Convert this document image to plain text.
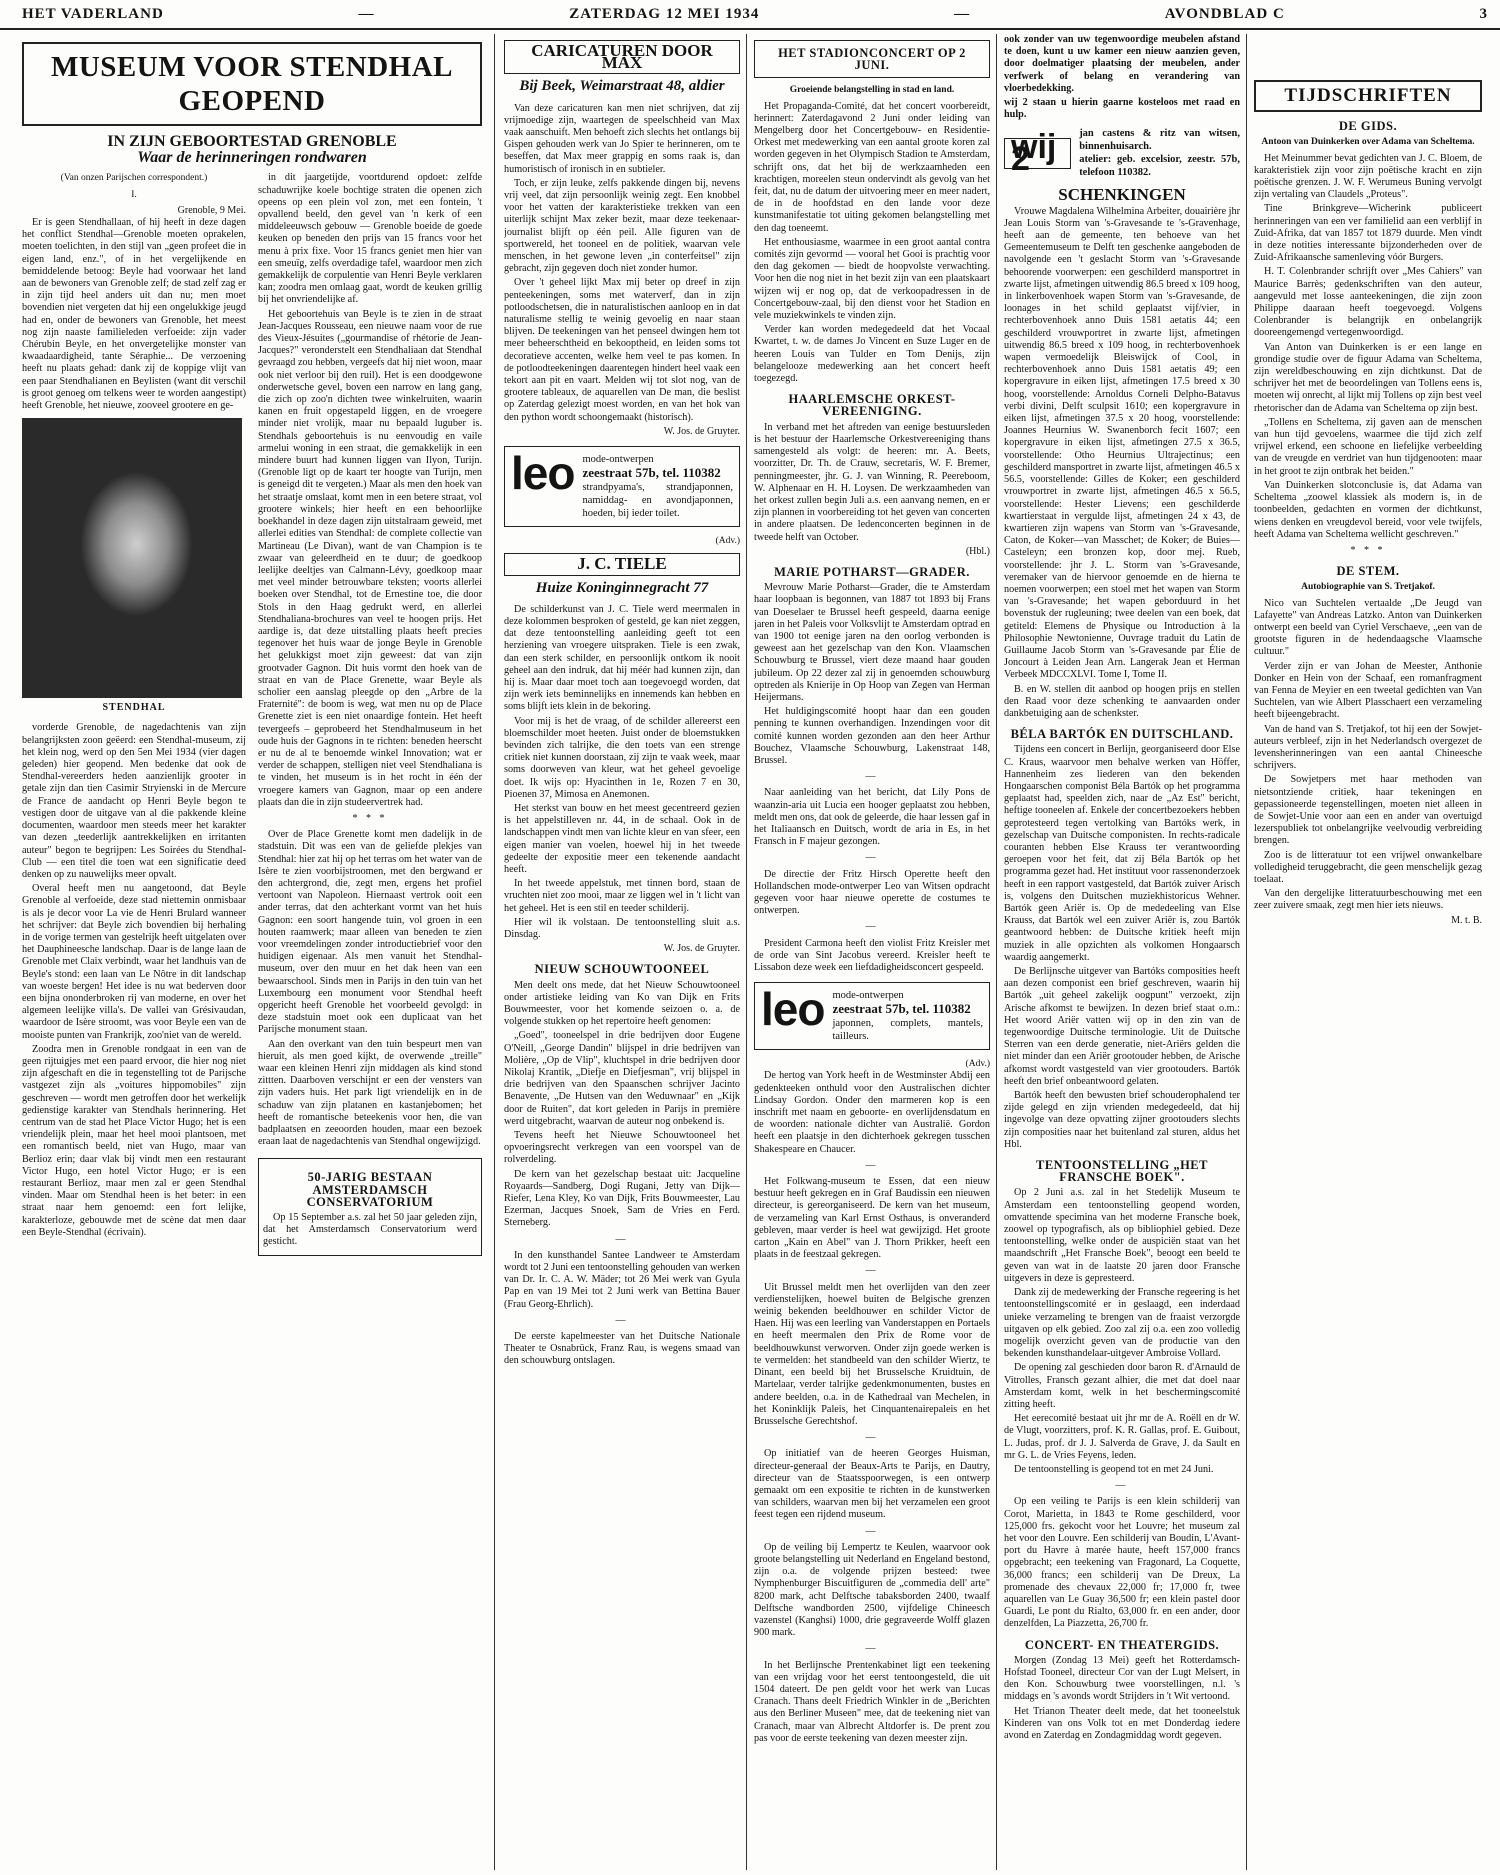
HET VADERLAND	—	ZATERDAG 12 MEI 1934	—	AVONDBLAD C	3
MUSEUM VOOR STENDHAL GEOPEND
IN ZIJN GEBOORTESTAD GRENOBLE
Waar de herinneringen rondwaren
(Van onzen Parijschen correspondent.)
I.
Grenoble, 9 Mei.

Er is geen Stendhallaan, of hij heeft in deze dagen het conflict Stendhal—Grenoble moeten oprakelen, moeten toelichten, in den stijl van „geen profeet die in eigen land, enz.", of in het vergelijkende en bemiddelende betoog: Beyle had voorwaar het land aan de bewoners van Grenoble zelf; de stad zelf zag er in zijn tijd heel anders uit dan nu; men moet bovendien niet vergeten dat hij een ongelukkige jeugd had en, onder de bewoners van Grenoble, het meest nog zijn naaste familieleden verfoeide: zijn vader Chérubin Beyle, en het onvergetelijke monster van kwaadaardigheid, tante Séraphie... De verzoening heeft nu plaats gehad: dank zij de koppige vlijt van een paar Stendhalianen en Beylisten (want dit verschil is groot genoeg om telkens weer te worden aangestipt) heeft Grenoble, het nieuwe, zooveel grootere en ge-

STENDHAL

vorderde Grenoble, de nagedachtenis van zijn belangrijksten zoon geëerd: een Stendhal-museum, zij het klein nog, werd op den 5en Mei 1934 (vier dagen geleden) hier geopend. Men bedenke dat ook de Stendhal-vereerders heden aanzienlijk grooter in getale zijn dan tien Casimir Stryienski in de Mercure de France de aandacht op Henri Beyle begon te vestigen door de uitgave van al die pakkende kleine documenten, waardoor men steeds meer het karakter van dezen „teederlijk aantrekkelijken en irritanten auteur" begon te begrijpen: Les Soirées du Stendhal-Club — een titel die toen wat een significatie deed denken op zu nauwelijks meer opvalt.

Overal heeft men nu aangetoond, dat Beyle Grenoble al verfoeide, deze stad niettemin onmisbaar is als je decor voor La vie de Henri Brulard wanneer het schrijver: dat Beyle zich bovendien bij herhaling in de vorige termen van gestelrijk heeft uitgelaten over het Dauphineesche landschap. Daar is de lange laan de Grenoble met Claix verbindt, waar het landhuis van de Beyle's stond: een laan van Le Nôtre in dit landschap van woeste bergen! Het idee is nu wat bederven door een bijna ononderbroken rij van moderne, en over het algemeen leelijke villa's. De vallei van Grésivaudan, waardoor de Isère stroomt, was voor Beyle een van de mooiste punten van Frankrijk, zoo'niet van de wereld.

Zoodra men in Grenoble rondgaat in een van de geen rijtuigjes met een paard ervoor, die hier nog niet zijn afgeschaft en die in tegenstelling tot de Parijsche vastgezet zijn als „voitures hippomobiles" zijn geschreven — wordt men getroffen door het werkelijk gedienstige karakter van Stendhals herinnering. Het centrum van de stad het Place Victor Hugo; het is een vriendelijk plein, maar het heel mooi plantsoen, met een romantisch beeld, niet van Hugo, maar van Berlioz erin; daar vlak bij vindt men een restaurant Victor Hugo, een hotel Victor Hugo; er is een restaurant Berlioz, maar men zal er geen Stendhal vinden. Maar om Stendhal heen is het beter: in een straat naar hem genoemd: een fort lelijke, karakterloze, gebouwde met de scène dat men daar een Beyle-Stendhal (écrivain).

in dit jaargetijde, voortdurend opdoet: zelfde schaduwrijke koele bochtige straten die openen zich opeens op een plein vol zon, met een fontein, 't opvallend beeld, den gevel van 'n kerk of een middeleeuwsch gebouw — Grenoble boeide de goede keuken op beneden den prijs van 15 francs voor het menu à prix fixe. Voor 15 francs geniet men hier van een smeuïg, zelfs overdadige tafel, waardoor men zich gemakkelijk de corpulentie van Henri Beyle verklaren kan; zoodra men omlaag gaat, wordt de keuken grillig bij het onvriendelijke af.

Het geboortehuis van Beyle is te zien in de straat Jean-Jacques Rousseau, een nieuwe naam voor de rue des Vieux-Jésuites („gourmandise of rhétorie de Jean-Jacques?" veronderstelt een Stendhaliaan dat Stendhal gevraagd zou hebben, vergeefs dat hij niet woon, maar ook niet verloor bij den ruil). Het is een doodgewone onderwetsche gevel, boven een narrow en lang gang, die zich op zoo'n dichten twee winkelruiten, waarin kanen en fruit opgestapeld liggen, en de vroegere minder niet vrolijk, maar nu bepaald luguber is. Stendhals geboortehuis is nu eenvoudig en vaile armelui woning in een straat, die gemakkelijk in een mindere buurt had kunnen liggen van Ilyon, Turijn. (Grenoble ligt op de kaart ter hoogte van Turijn, men is geneigd dit te vergeten.) Maar als men den hoek van het straatje omslaat, komt men in een betere straat, vol grootere winkels; hier heeft en een behoorlijke boekhandel in deze dagen zijn uitstalraam geweid, met allerlei edities van Stendhal: de complete collectie van Martineau (Le Divan), want de van Champion is te zwaar van geleerdheid en te duur; de goedkoop leelijke deeltjes van Calmann-Lévy, goedkoop maar met veel minder betrouwbare teksten; voorts allerlei boeken over Stendhal, tot de Ernestine toe, die door Stols in den Haag gedrukt werd, en allerlei Stendhaliana-brochures van veel te hoogen prijs. Het aardige is, dat deze uitstalling plaats heeft precies tegenover het huis waar de jonge Beyle in Grenoble het gelukkigst moet zijn geweest: dat van zijn grootvader Gagnon. Dit huis vormt den hoek van de straat en van de Place Grenette, waar Beyle als scholier een aanslag pleegde op den „Arbre de la Fraternité": de boom is weg, wat men nu op de Place Grenette ziet is een niet onaardige fontein. Het heeft tevergeefs – geprobeerd het Stendhalmuseum in het oude huis der Gagnons in te richten: beneden heerscht er nu de al te benoemde winkel Innovation; wat er verder de schappen, stelligen niet veel Stendhaliana is te vinden, het museum is in het rocht in één der vroegere kamers van Gagnon, maar op een andere plaats dan die in zijn studeervertrek had.

* * *

Over de Place Grenette komt men dadelijk in de stadstuin. Dit was een van de geliefde plekjes van Stendhal: hier zat hij op het terras om het water van de Isère te zien voorbijstroomen, met den bergwand er den achtergrond, die, zegt men, ergens het profiel vertoont van Napoleon. Hiernaast vertrok ooit een ander terras, dat den achterkant vormt van het huis Gagnon: een soort hangende tuin, vol groen in een houten raamwerk; maar alleen van beneden te zien voor vreemdelingen zonder introductiebrief voor den huidigen eigenaar. Als men vanuit het Stendhal-museum, over den muur en het dak heen van een bewaarschool. Sinds men in Parijs in den tuin van het Luxembourg een monument voor Stendhal heeft opgericht heeft Grenoble het voorbeeld gevolgd: in deze stadstuin moet ook een duplicaat van het Parijsche monument staan.

Aan den overkant van den tuin bespeurt men van hieruit, als men goed kijkt, de overwende „treille" waar een kleinen Henri zijn middagen als kind stond zittten. Daarboven verschijnt er een der vensters van zijn vaders huis. Het park ligt vriendelijk en in de schaduw van zijn platanen en kastanjebomen; het heeft de romantische beteekenis voor hen, die van badplaatsen en zeeoorden houden, maar een bezoek eraan laat de nagedachtenis van Stendhal ongewijzigd.

50-JARIG BESTAAN AMSTERDAMSCH CONSERVATORIUM

Op 15 September a.s. zal het 50 jaar geleden zijn, dat het Amsterdamsch Conservatorium werd gesticht.

CARICATUREN DOOR MAX
Bij Beek, Weimarstraat 48, aldier

Van deze caricaturen kan men niet schrijven, dat zij vrijmoedige zijn, waartegen de speelschheid van Max vaak aanschuift. Men behoeft zich slechts het ontlangs bij Gispen gehouden werk van Jo Spier te herinneren, om te beseffen, dat Max meer grappig en soms raak is, dan humoristisch of ironisch in en subtieler.

Toch, er zijn leuke, zelfs pakkende dingen bij, nevens vrij veel, dat zijn persoonlijk weinig zegt. Een knobbel voor het vatten der karakteristieke trekken van een uiterlijk schijnt Max zeker bezit, maar deze teekenaar-journalist blijft op één peil. Alle figuren van de sportwereld, het tooneel en de politiek, waarvan vele menschen, in het gewone leven „in conterfeitsel" zijn gebracht, zijn gegeven doch niet zonder humor.

Over 't geheel lijkt Max mij beter op dreef in zijn penteekeningen, soms met waterverf, dan in zijn potloodschetsen, die in naturalistischen aanloop en in dat naturalisme stellig te weinig gevoelig en naar staan blijven. De teekeningen van het penseel dwingen hem tot meer beheerschtheid en bekooptheid, en leiden soms tot decoratieve accenten, welke hem veel te pas komen. In de potloodteekeningen daarentegen hindert heel vaak een tekort aan pit en vaart. Melden wij tot slot nog, van de grootere tableaux, de aquarellen van De man, die beslist op Zaterdag gelezigt moest worden, en van het hok van den python wordt schoongemaakt (historisch).

W. Jos. de Gruyter.
leo mode-ontwerpen
zeestraat 57b, tel. 110382
strandpyama's, strandjaponnen, namiddag- en avondjaponnen, hoeden, bij ieder toilet.
(Adv.)
J. C. TIELE
Huize Koninginnegracht 77

De schilderkunst van J. C. Tiele werd meermalen in deze kolommen besproken of gesteld, ge kan niet zeggen, dat deze tentoonstelling aanleiding geeft tot een herziening van vroegere uitspraken. Tiele is een zwak, dan een sterk schilder, en persoonlijk ontkom ik nooit geheel aan den indruk, dat hij méér had kunnen zijn, dan hij is. Maar daar moet toch aan toegevoegd worden, dat zijn werk iets beminnelijks en innemends kan hebben en soms blijft iets klein in de bekoring.

Voor mij is het de vraag, of de schilder allereerst een bloemschilder moet heeten. Juist onder de bloemstukken bevinden zich talrijke, die den toets van een strenge critiek niet kunnen doorstaan, zij zijn te vaak week, maar soms doorweven van kleur, wat het geheel gevoelige doet. Ik wijs op: Hyacinthen in 1e, Rozen 7 en 30, Pioenen 37, Mimosa en Anemonen.

Het sterkst van bouw en het meest gecentreerd gezien is het appelstilleven nr. 44, in de schaal. Ook in de landschappen vindt men van lichte kleur en van sfeer, een eigen manier van voelen, hoewel hij in het tweede gedeelte der expositie meer een tekenende aandacht heeft.

In het tweede appelstuk, met tinnen bord, staan de vruchten niet zoo mooi, maar ze liggen wel in 't licht van het geheel. Het is een stil en teeder schilderij.

Hier wil ik volstaan. De tentoonstelling sluit a.s. Dinsdag.

W. Jos. de Gruyter.
NIEUW SCHOUWTOONEEL

Men deelt ons mede, dat het Nieuw Schouwtooneel onder artistieke leiding van Ko van Dijk en Frits Bouwmeester, voor het komende seizoen o. a. de volgende stukken op het repertoire heeft genomen:

„Goed", tooneelspel in drie bedrijven door Eugene O'Neill, „George Dandin" blijspel in drie bedrijven van Molière, „Op de Vlip", kluchtspel in drie bedrijven door Nikolaj Krantik, „Diefje en Diefjesman", vrij blijspel in drie bedrijven van den Spaanschen schrijver Jacinto Benavente, „De Hutsen van den Weduwnaar" en „Kijk door de Ruiten", dat kort geleden in Parijs in première werd uitgebracht, waarvan de auteur nog onbekend is.

Tevens heeft het Nieuwe Schouwtooneel het opvoeringsrecht verkregen van een voorspel van de rolverdeling.

De kern van het gezelschap bestaat uit: Jacqueline Royaards—Sandberg, Dogi Rugani, Jetty van Dijk—Riefer, Lena Kley, Ko van Dijk, Frits Bouwmeester, Lau Ezerman, Jacques Snoek, Sam de Vries en Ferd. Sterneberg.

—

In den kunsthandel Santee Landweer te Amsterdam wordt tot 2 Juni een tentoonstelling gehouden van werken van Dr. Ir. C. A. W. Mäder; tot 26 Mei werk van Gyula Pap en van 19 Mei tot 2 Juni werk van Bettina Bauer (Frau Georg-Ehrlich).

—

De eerste kapelmeester van het Duitsche Nationale Theater te Osnabrück, Franz Rau, is wegens smaad van den schouwburg ontslagen.

HET STADIONCONCERT OP 2 JUNI.
Groeiende belangstelling in stad en land.

Het Propaganda-Comité, dat het concert voorbereidt, herinnert: Zaterdagavond 2 Juni onder leiding van Mengelberg door het Concertgebouw- en Residentie-Orkest met medewerking van een aantal groote koren zal worden gegeven in het Olympisch Stadion te Amsterdam, schrijft ons, dat het bij de werkzaamheden een krachtigen, moreelen steun ondervindt als gevolg van het feit, dat, nu de datum der uitvoering meer en meer nadert, de in de hoofdstad en den lande voor deze kunstmanifestatie tot uiting gekomen belangstelling met den dag toeneemt.

Het enthousiasme, waarmee in een groot aantal contra comités zijn gevormd — vooral het Gooi is prachtig voor den dag gekomen — biedt de hoopvolste verwachting. Voor hen die nog niet in het bezit zijn van een plaatskaart wijzen wij er nog op, dat de verkoopadressen in de Concertgebouw-zaal, bij den dienst voor het Stadion en vele muziekwinkels te vinden zijn.

Verder kan worden medegedeeld dat het Vocaal Kwartet, t. w. de dames Jo Vincent en Suze Luger en de heeren Louis van Tulder en Tom Denijs, zijn belangelooze medewerking aan het concert heeft toegezegd.

HAARLEMSCHE ORKEST-VEREENIGING.

In verband met het aftreden van eenige bestuursleden is het bestuur der Haarlemsche Orkestvereeniging thans samengesteld als volgt: de heeren: mr. A. Beets, voorzitter, Dr. Th. de Crauw, secretaris, W. F. Bremer, penningmeester, jhr. G. J. van Winning, R. Peereboom, W. Alphenaar en H. H. Loysen. De werkzaamheden van het orkest zullen begin Juli a.s. een aanvang nemen, en er zijn plannen in voorbereiding tot het geven van concerten in andere plaatsen. De ledenconcerten beginnen in de tweede helft van October.

(Hbl.)
MARIE POTHARST—GRADER.

Mevrouw Marie Potharst—Grader, die te Amsterdam haar loopbaan is begonnen, van 1887 tot 1893 bij Frans van Doeselaer te Brussel heeft gespeeld, daarna eenige jaren in het Paleis voor Volksvlijt te Amsterdam optrad en van 1900 tot eenige jaren na den oorlog verbonden is geweest aan het gezelschap van den Kon. Vlaamschen Schouwburg te Brussel, viert deze maand haar gouden jubileum. Op 22 dezer zal zij in genoemden schouwburg optreden als Knierije in Op Hoop van Zegen van Herman Heijermans.

Het huldigingscomité hoopt haar dan een gouden penning te kunnen overhandigen. Inzendingen voor dit comité kunnen worden gezonden aan den heer Arthur Bouchez, Vlaamsche Schouwburg, Lakenstraat 148, Brussel.

—

Naar aanleiding van het bericht, dat Lily Pons de waanzin-aria uit Lucia een hooger geplaatst zou hebben, meldt men ons, dat ook de geleerde, die haar lessen gaf in het Italiaansch en Duitsch, wordt de aria in Es, in het Fransch in F majeur gezongen.

—

De directie der Fritz Hirsch Operette heeft den Hollandschen mode-ontwerper Leo van Witsen opdracht gegeven voor haar nieuwe operette de costumes te ontwerpen.

—

President Carmona heeft den violist Fritz Kreisler met de orde van Sint Jacobus vereerd. Kreisler heeft te Lissabon deze week een liefdadigheidsconcert gespeeld.

leo mode-ontwerpen
zeestraat 57b, tel. 110382
japonnen, complets, mantels, tailleurs.
(Adv.)

De hertog van York heeft in de Westminster Abdij een gedenkteeken onthuld voor den Australischen dichter Lindsay Gordon. Onder den marmeren kop is een inschrift met naam en geboorte- en overlijdensdatum en de woorden: nationale dichter van Australië. Gordon heeft een plaatsje in den dichterhoek gekregen tusschen Shakespeare en Chaucer.

—

Het Folkwang-museum te Essen, dat een nieuw bestuur heeft gekregen en in Graf Baudissin een nieuwen directeur, is gereorganiseerd. De kern van het museum, de verzameling van Karl Ernst Osthaus, is onveranderd gebleven, maar verder is heel wat gewijzigd. Het groote carton „Kain en Abel" van J. Thorn Prikker, heeft een plaats in de feestzaal gekregen.

—

Uit Brussel meldt men het overlijden van den zeer verdienstelijken, hoewel buiten de Belgische grenzen weinig bekenden beeldhouwer en schilder Victor de Haen. Hij was een leerling van Vanderstappen en Portaels en heeft meermalen den Prix de Rome voor de beeldhouwkunst verworven. Onder zijn goede werken is te vermelden: het standbeeld van den schilder Wiertz, te Dinant, een beeld bij het Brusselsche Kruidtuin, de Martelaar, verder talrijke gedenkmonumenten, bustes en andere beelden, o.a. in de Kathedraal van Mechelen, in het Koninklijk Paleis, het Cinquantenairepaleis en het Brusselsche Gerechtshof.

—

Op initiatief van de heeren Georges Huisman, directeur-generaal der Beaux-Arts te Parijs, en Dautry, directeur van de Staatsspoorwegen, is een ontwerp gemaakt om een expositie te richten in de kunstwerken van schilders, waarvan men bij het verzamelen een groot feest tegen een rijdend museum.

—

Op de veiling bij Lempertz te Keulen, waarvoor ook groote belangstelling uit Nederland en Engeland bestond, zijn o.a. de volgende prijzen besteed: twee Nymphenburger Biscuitfiguren de „commedia dell' arte" 8200 mark, acht Delftsche tabaksborden 2400, twaalf Delftsche wandborden 2500, vijfdelige Chineesch vazenstel (Kanghsi) 1000, drie gegraveerde Wolff glazen 900 mark.

—

In het Berlijnsche Prentenkabinet ligt een teekening van een vrijdag voor het eerst tentoongesteld, die uit 1504 dateert. De pen geldt voor het werk van Lucas Cranach. Thans deelt Friedrich Winkler in de „Berichten aus den Berliner Museen" mee, dat de teekening niet van Cranach, maar van Albrecht Altdorfer is. De prent zou pas voor de eerste teekening van dezen meester zijn.

ook zonder van uw tegenwoordige meubelen afstand te doen, kunt u uw kamer een nieuw aanzien geven, door doelmatiger plaatsing der meubelen, ander verfwerk of belang en verandering van vloerbedekking.

wij 2 staan u hierin gaarne kosteloos met raad en hulp.

wij 2
jan castens & ritz van witsen, binnenhuisarch.
atelier: geb. excelsior, zeestr. 57b, telefoon 110382.
SCHENKINGEN

Vrouwe Magdalena Wilhelmina Arbeiter, douairière jhr Jean Louis Storm van 's-Gravesande te 's-Gravenhage, heeft aan de gemeente, ten behoeve van het Gemeentemuseum te Delft ten geschenke aangeboden de navolgende een 't geslacht Storm van 's-Gravesande behoorende voorwerpen: een geschilderd mansportret in zwarte lijst, afmetingen uitwendig 86.5 breed x 109 hoog, in linkerbovenhoek wapen Storm van 's-Gravesande, de loonages in het schild geplaatst vijf/vier, in rechterbovenhoek anno Duis 1581 aetatis 44; een geschilderd vrouwportret in zwarte lijst, afmetingen uitwendig 86.5 breed x 109 hoog, in rechterbovenhoek wapen vermoedelijk Bleiswijck of Cool, in rechterbovenhoek anno Duis 1581 aetatis 49; een kopergravure in eiken lijst, afmetingen 17.5 breed x 30 hoog, voorstellende: Arnoldus Corneli Delpho-Batavus verbi divini, Delft sculpsit 1610; een kopergravure in eiken lijst, afmetingen 37.5 x 20 hoog, voorstellende: Joannes Heurnius W. Swanenborch fecit 1607; een kopergravure in eiken lijst, afmetingen 27.5 x 36.5, voorstellende: Otho Heurnius Ultrajectinus; een geschilderd mansportret in zwarte lijst, afmetingen 46.5 x 56.5, voorstellende: Gilles de Koker; een geschilderd vrouwportret in zwarte lijst, afmetingen 46.5 x 56.5, voorstellende: Hester Lievens; een geschilderde kwartierstaat in vergulde lijst, afmetingen 24 x 43, de kwartieren zijn wapens van Storm van 's-Gravesande, Caton, de Koker—van Masschet; de Koker; de Buies—Casteleyn; een bronzen kop, door mej. Rueb, voorstellende: jhr J. L. Storm van 's-Gravesande, veremaker van de hiervoor genoemde en de hierna te noemen voorwerpen; een stoel met het wapen van Storm van 's-Gravesande; het wapen geborduurd in het bovenstuk der rugleuning; twee deelen van een boek, dat getiteld: Elemens de Physique ou Introduction à la Philosophie Newtonienne, Ouvrage traduit du Latin de Guillaume Jacob Storm van 's-Gravesande par Élie de Joncourt à Leiden Jean Arn. Langerak Jean et Herman Verbeek MDCCXLVI. Tome I, Tome II.

B. en W. stellen dit aanbod op hoogen prijs en stellen den Raad voor deze schenking te aanvaarden onder dankbetuiging aan de schenkster.

BÉLA BARTÓK EN DUITSCHLAND.

Tijdens een concert in Berlijn, georganiseerd door Else C. Kraus, waarvoor men behalve werken van Höffer, Hannenheim zes liederen van den bekenden Hongaarschen componist Béla Bartók op het programma geplaatst had, speelden zich, naar de „Az Est" bericht, heftige tooneelen af. Enkele der concertbezoekers hebben geprotesteerd tegen vertolking van Bartóks werk, in gezelschap van Duitsche componisten. In rechts-radicale couranten hebben Else Krauss ter verantwoording geroepen voor het feit, dat zij Béla Bartók op het programma gezet had. Het instituut voor rassenonderzoek heeft in een rapport vastgesteld, dat Bartók zuiver Arisch is, volgens den Duitschen muziekhistoricus Wehner. Bartók geen Ariër is. Op de mededeeling van Else Krauss, dat Bartók wel een zuiver Ariër is, zou Bartók geantwoord hebben: de Duitsche kritiek heeft mijn muziek in alle opzichten als volkomen Hongaarsch waardig aangemerkt.

De Berlijnsche uitgever van Bartóks composities heeft aan dezen componist een brief geschreven, waarin hij Bartók „uit geheel zakelijk oogpunt" verzoekt, zijn Arische afkomst te bewijzen. In dezen brief staat o.m.: Het woord Ariër vatten wij op in den zin van de tegenwoordige Duitsche terminologie. Uit de Duitsche Sterren van een derde generatie, niet-Ariërs gelden die niet minder dan een Ariër grootouder hebben, de Arische afkomst wordt vastgesteld van vier grootouders. Bartók heeft den brief onbeantwoord gelaten.

Bartók heeft den bewusten brief schouderophalend ter zijde gelegd en zijn vrienden medegedeeld, dat hij ingevolge van deze opvatting zijner grootouders slechts zijn composities naar het buitenland zal sturen, aldus het Hbl.

TENTOONSTELLING „HET FRANSCHE BOEK".

Op 2 Juni a.s. zal in het Stedelijk Museum te Amsterdam een tentoonstelling geopend worden, omvattende specimina van het moderne Fransche boek, zoowel op typografisch, als op bibliophiel gebied. Deze tentoonstelling, welke onder de auspiciën staat van het maandschrift „Het Fransche Boek", beoogt een beeld te geven van wat in de laatste 20 jaren door Fransche uitgevers in deze is gepresteerd.

Dank zij de medewerking der Fransche regeering is het tentoonstellingscomité er in geslaagd, een inderdaad unieke verzameling te brengen van de fraaist verzorgde uitgaven op elk gebied. Zoo zal zij o.a. een zoo volledig mogelijk overzicht geven van de productie van den bekenden kunsthandelaar-uitgever Ambroise Vollard.

De opening zal geschieden door baron R. d'Arnauld de Vitrolles, Fransch gezant alhier, die met dat doel naar Amsterdam komt, welk in het beschermingscomité zitting heeft.

Het eerecomité bestaat uit jhr mr de A. Roëll en dr W. de Vlugt, voorzitters, prof. K. R. Gallas, prof. E. Guibout, L. Judas, prof. dr J. J. Salverda de Grave, J. da Sault en mr G. L. de Vries Feyens, leden.

De tentoonstelling is geopend tot en met 24 Juni.

—

Op een veiling te Parijs is een klein schilderij van Corot, Marietta, in 1843 te Rome geschilderd, voor 125,000 frs. gekocht voor het Louvre; het museum zal het voor den Louvre. Een schilderij van Boudin, L'Avant-port du Havre à marée haute, heeft 157,000 francs opgebracht; een teekening van Fragonard, La Coquette, 36,000 francs; een schilderij van De Dreux, La promenade des chevaux 22,000 fr; 17,000 fr, twee aquarellen van Le Guay 36,500 fr; een klein pastel door Guardi, Le pont du Rialto, 63,000 fr. en een ander, door denzelfden, La Piazzetta, 26,700 fr.

CONCERT- EN THEATERGIDS.

Morgen (Zondag 13 Mei) geeft het Rotterdamsch-Hofstad Tooneel, directeur Cor van der Lugt Melsert, in den Kon. Schouwburg twee voorstellingen, n.l. 's middags en 's avonds wordt Strijders in 't Wit vertoond.

Het Trianon Theater deelt mede, dat het tooneelstuk Kinderen van ons Volk tot en met Donderdag iedere avond en Zaterdag en Zondagmiddag wordt gegeven.

TIJDSCHRIFTEN
DE GIDS.
Antoon van Duinkerken over Adama van Scheltema.

Het Meinummer bevat gedichten van J. C. Bloem, de karakteristiek zijn voor zijn poëtische kracht en zijn poëtische grenzen. J. W. F. Werumeus Buning vervolgt zijn vertaling van Claudels „Proteus".

Tine Brinkgreve—Wicherink publiceert herinneringen van een ver familielid aan een verblijf in Zuid-Afrika, dat van 1857 tot 1879 duurde. Men vindt in deze notities interessante bijzonderheden over de Zuid-Afrikaansche samenleving vóór Burgers.

H. T. Colenbrander schrijft over „Mes Cahiers" van Maurice Barrès; gedenkschriften van den auteur, aangevuld met losse aanteekeningen, die zijn zoon Philippe daaraan heeft toegevoegd. Volgens Colenbrander is belangrijk en onbelangrijk dooreengemengd vertegenwoordigd.

Van Anton van Duinkerken is er een lange en grondige studie over de figuur Adama van Scheltema, zijn wereldbeschouwing en zijn dichtkunst. Dat de schrijver het met de beoordelingen van Tollens eens is, moeten wij onrecht, al lijkt mij Tollens op zijn best veel rhetorischer dan de Adama van Scheltema op zijn best.

„Tollens en Scheltema, zij gaven aan de menschen van hun tijd gevoelens, waarmee die tijd zich zelf vrijwel erkend, een schoone en liefelijke verbeelding van de vreugde en verdriet van hun tijdgenooten: maar in het groot te zijn ontbrak het beiden."

Van Duinkerken slotconclusie is, dat Adama van Scheltema „zoowel klassiek als modern is, in de toonbeelden, gedachten en vormen der dichtkunst, wiens denken en vreugdevol bereid, voor vele twijfels, heeft Adama van Scheltema wellicht geschreven."

* * *
DE STEM.
Autobiographie van S. Tretjakof.

Nico van Suchtelen vertaalde „De Jeugd van Lafayette" van Andreas Latzko. Anton van Duinkerken ontwerpt een beeld van Cyriel Verschaeve, „een van de grootste figuren in de hedendaagsche Vlaamsche cultuur."

Verder zijn er van Johan de Meester, Anthonie Donker en Hein von der Schaaf, een romanfragment van Fenna de Meyier en een tweetal gedichten van Van Suchtelen, van wie Albert Plasschaert een verzameling heeft bijeengebracht.

Van de hand van S. Tretjakof, tot hij een der Sowjet-auteurs verbleef, zijn in het Nederlandsch overgezet de levensherinneringen van een aantal Chineesche schrijvers.

De Sowjetpers met haar methoden van nietsontziende critiek, haar tekeningen en gepassioneerde tegenstellingen, moeten niet alleen in de Sowjet-Unie voor aan een en ander van overtuigd lezerspubliek tot onbelangrijke veelvoudig verbreiding brengen.

Zoo is de litteratuur tot een vrijwel onwankelbare volledigheid teruggebracht, die geen menschelijk gezag toelaat.

Van den dergelijke litteratuurbeschouwing met een zeer zuivere smaak, zegt men hier iets nieuws.

M. t. B.
